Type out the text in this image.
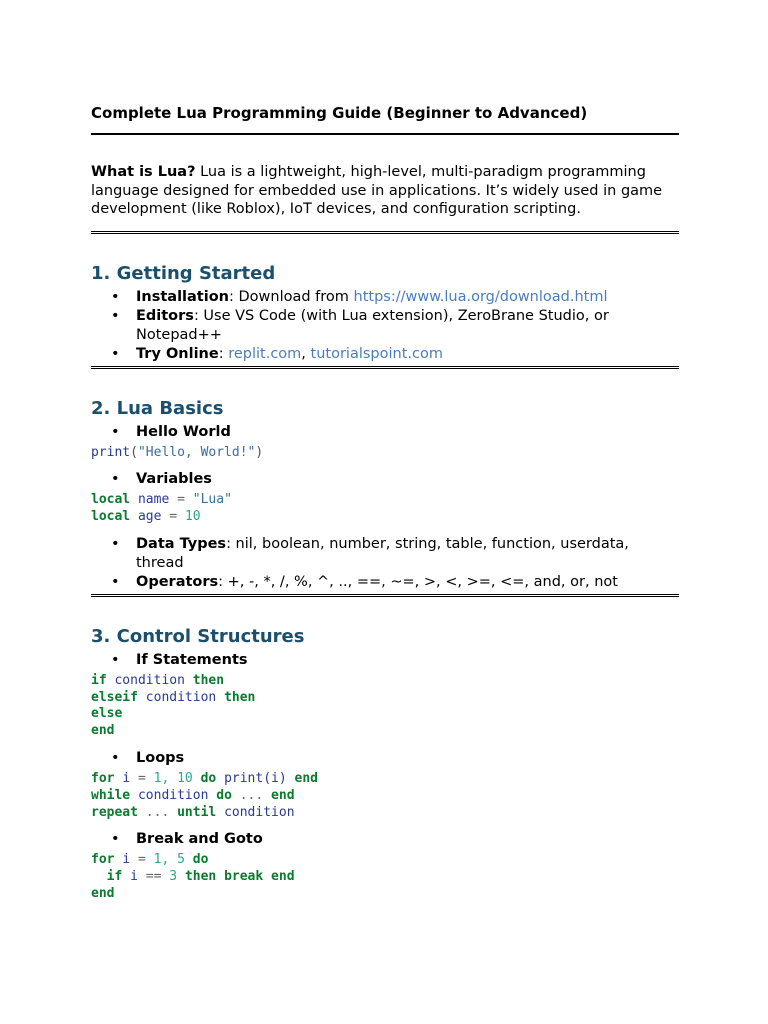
Complete Lua Programming Guide (Beginner to Advanced)

What is Lua? Lua is a lightweight, high-level, multi-paradigm programming language designed for embedded use in applications. It’s widely used in game development (like Roblox), IoT devices, and configuration scripting.

1. Getting Started
• Installation: Download from https://www.lua.org/download.html
• Editors: Use VS Code (with Lua extension), ZeroBrane Studio, or Notepad++
• Try Online: replit.com, tutorialspoint.com
2. Lua Basics
• Hello World
print("Hello, World!")
• Variables
local name = "Lua"
local age = 10
• Data Types: nil, boolean, number, string, table, function, userdata, thread
• Operators: +, -, *, /, %, ^, .., ==, ~=, >, <, >=, <=, and, or, not
3. Control Structures
• If Statements
if condition then
elseif condition then
else
end
• Loops
for i = 1, 10 do print(i) end
while condition do ... end
repeat ... until condition
• Break and Goto
for i = 1, 5 do
if i == 3 then break end
end
